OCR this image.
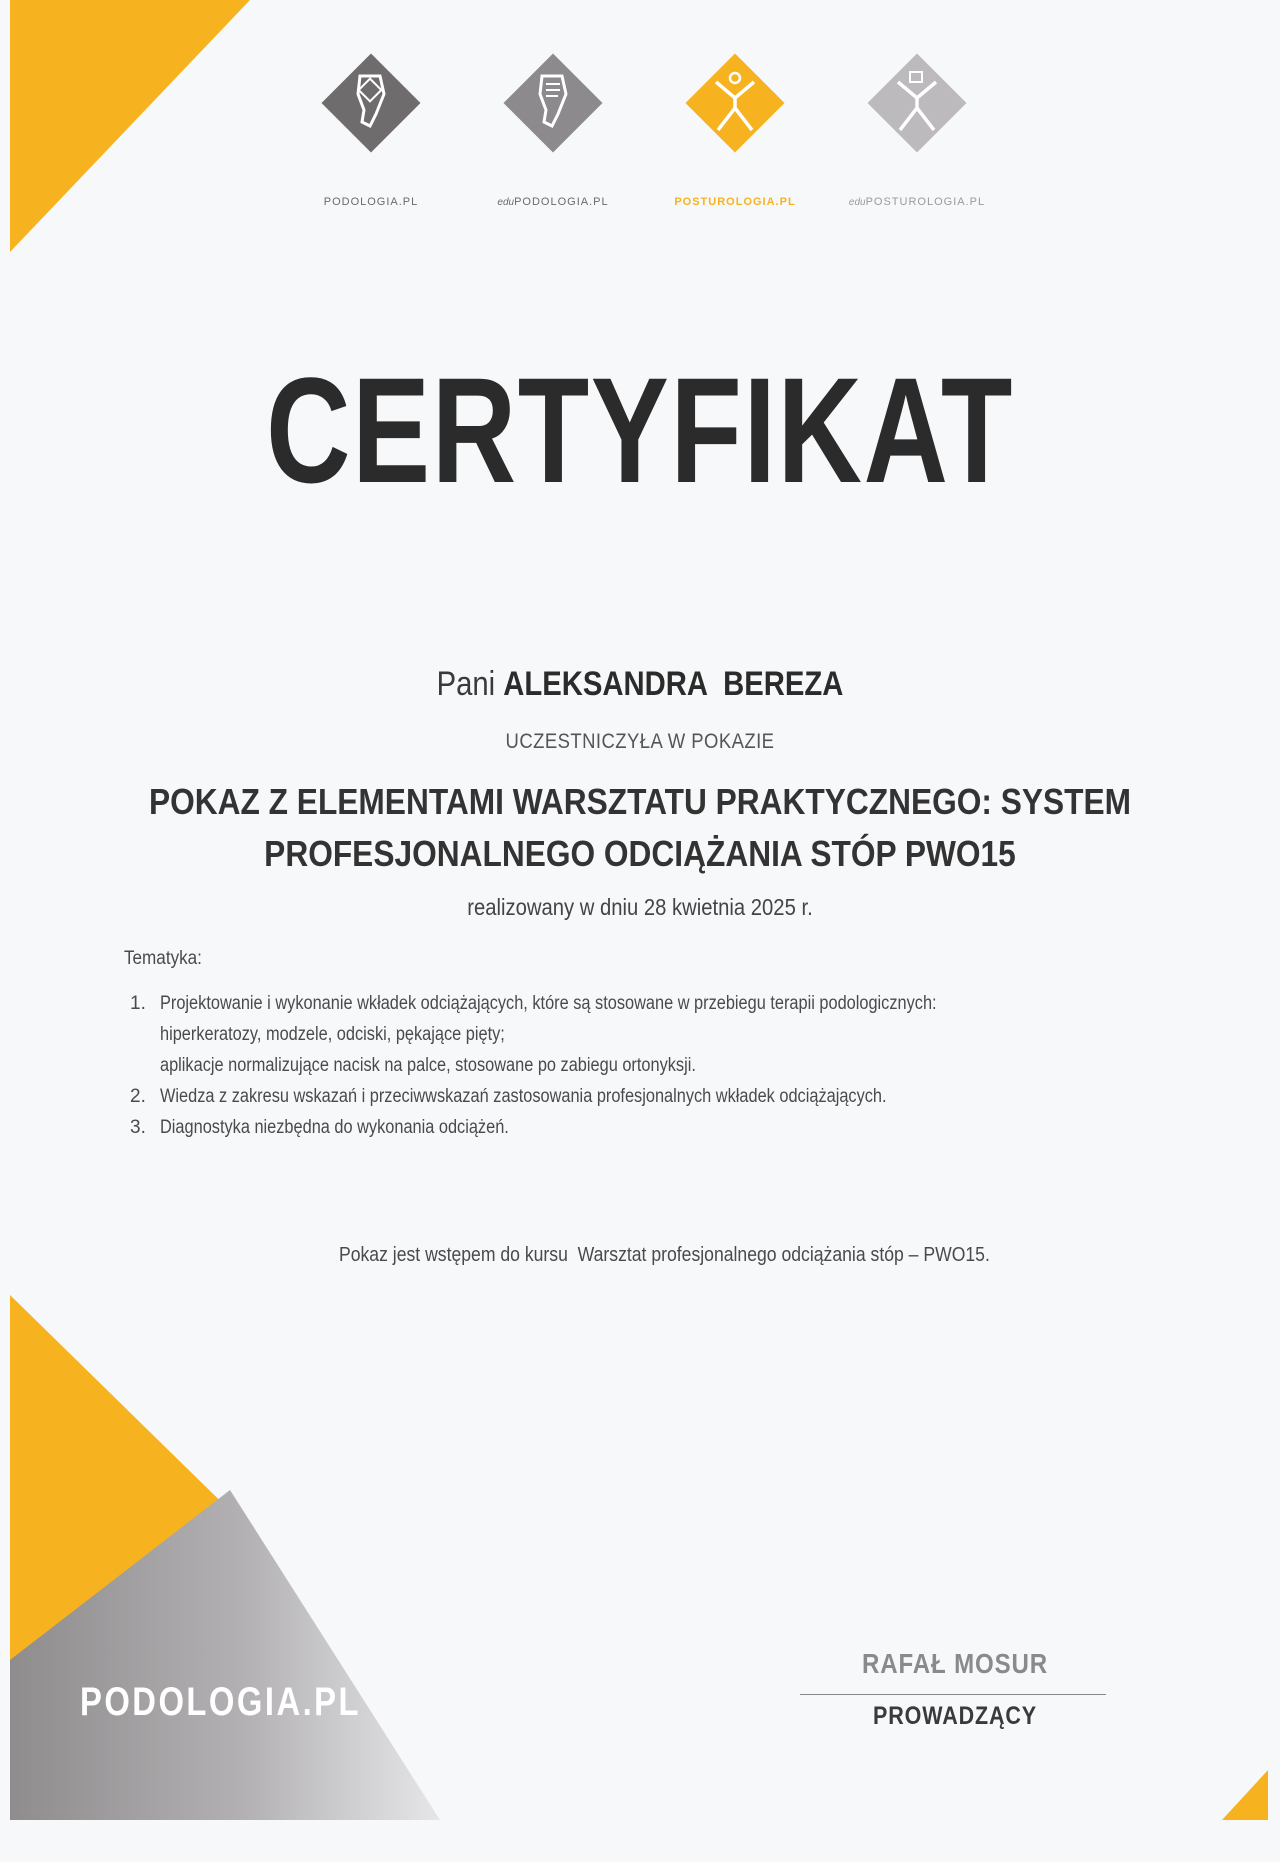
PODOLOGIA.PL	eduPODOLOGIA.PL	POSTUROLOGIA.PL	eduPOSTUROLOGIA.PL
CERTYFIKAT
Pani ALEKSANDRA  BEREZA
UCZESTNICZYŁA W POKAZIE
POKAZ Z ELEMENTAMI WARSZTATU PRAKTYCZNEGO: SYSTEM
PROFESJONALNEGO ODCIĄŻANIA STÓP PWO15
realizowany w dniu 28 kwietnia 2025 r.
Tematyka:
1. Projektowanie i wykonanie wkładek odciążających, które są stosowane w przebiegu terapii podologicznych:
hiperkeratozy, modzele, odciski, pękające pięty;
aplikacje normalizujące nacisk na palce, stosowane po zabiegu ortonyksji.
2. Wiedza z zakresu wskazań i przeciwwskazań zastosowania profesjonalnych wkładek odciążających.
3. Diagnostyka niezbędna do wykonania odciążeń.
Pokaz jest wstępem do kursu  Warsztat profesjonalnego odciążania stóp – PWO15.
PODOLOGIA.PL
RAFAŁ MOSUR
PROWADZĄCY
